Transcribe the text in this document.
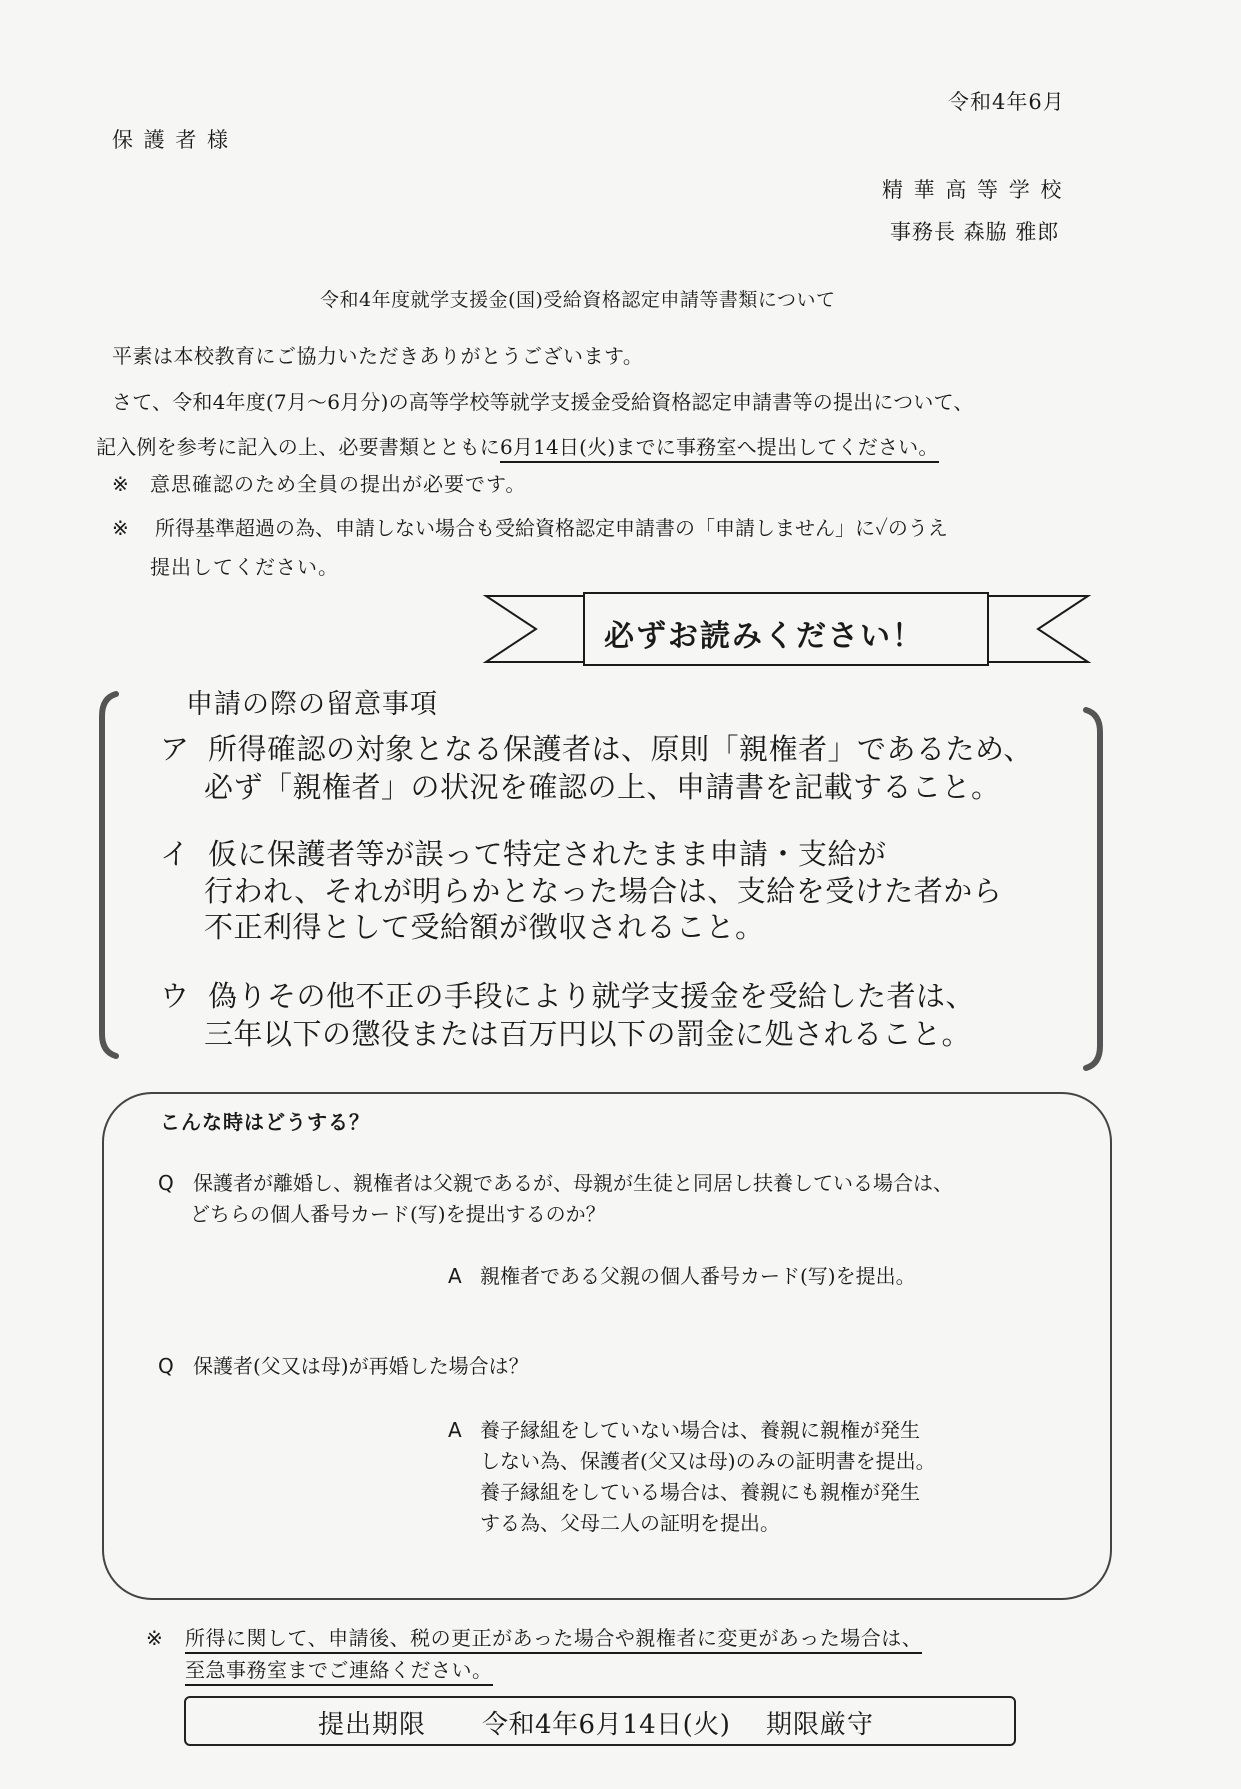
令和4年6月
保 護 者 様
精 華 高 等 学 校
事務長 森脇 雅郎
令和4年度就学支援金(国)受給資格認定申請等書類について
平素は本校教育にご協力いただきありがとうございます。
さて、令和4年度(7月～6月分)の高等学校等就学支援金受給資格認定申請書等の提出について、
記入例を参考に記入の上、必要書類とともに6月14日(火)までに事務室へ提出してください。
※ 意思確認のため全員の提出が必要です。
※ 所得基準超過の為、申請しない場合も受給資格認定申請書の「申請しません」に✓のうえ
提出してください。
必ずお読みください！
申請の際の留意事項
ア 所得確認の対象となる保護者は、原則「親権者」であるため、
必ず「親権者」の状況を確認の上、申請書を記載すること。
イ 仮に保護者等が誤って特定されたまま申請・支給が
行われ、それが明らかとなった場合は、支給を受けた者から
不正利得として受給額が徴収されること。
ウ 偽りその他不正の手段により就学支援金を受給した者は、
三年以下の懲役または百万円以下の罰金に処されること。
こんな時はどうする？
Q 保護者が離婚し、親権者は父親であるが、母親が生徒と同居し扶養している場合は、
どちらの個人番号カード(写)を提出するのか？
A 親権者である父親の個人番号カード(写)を提出。
Q 保護者(父又は母)が再婚した場合は？
A 養子縁組をしていない場合は、養親に親権が発生
しない為、保護者(父又は母)のみの証明書を提出。
養子縁組をしている場合は、養親にも親権が発生
する為、父母二人の証明を提出。
※ 所得に関して、申請後、税の更正があった場合や親権者に変更があった場合は、
至急事務室までご連絡ください。
提出期限 令和4年6月14日(火) 期限厳守
